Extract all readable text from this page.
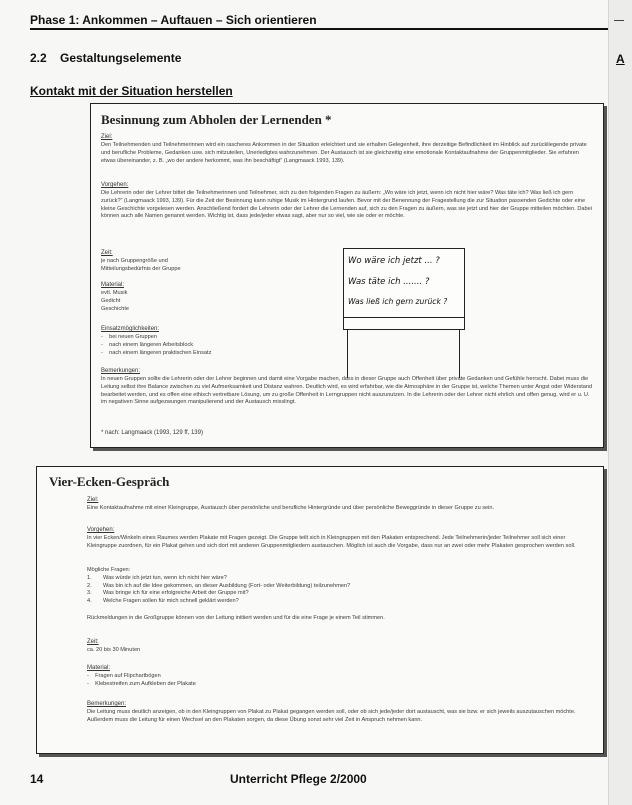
Phase 1: Ankommen – Auftauen – Sich orientieren
2.2 Gestaltungselemente
Kontakt mit der Situation herstellen
Besinnung zum Abholen der Lernenden *
Ziel:
Den Teilnehmenden und Teilnehmerinnen wird ein rascheres Ankommen in der Situation erleichtert und sie erhalten Gelegenheit, ihre derzeitige Befindlichkeit im Hinblick auf zurückliegende private und berufliche Probleme, Gedanken usw. sich mitzuteilen, Unerledigtes wahrzunehmen. Der Austausch ist sie gleichzeitig eine emotionale Kontaktaufnahme der Gruppenmitglieder. Sie erfahren etwas übereinander, z. B. „wo der andere herkommt, was ihn beschäftigt“ (Langmaack 1993, 139).
Vorgehen:
Die Lehrerin oder der Lehrer bittet die Teilnehmerinnen und Teilnehmer, sich zu den folgenden Fragen zu äußern: „Wo wäre ich jetzt, wenn ich nicht hier wäre? Was täte ich? Was ließ ich gern zurück?“ (Langmaack 1993, 139). Für die Zeit der Besinnung kann ruhige Musik im Hintergrund laufen. Bevor mit der Benennung der Fragestellung die zur Situation passenden Gedichte oder eine kleine Geschichte vorgelesen werden. Anschließend fordert die Lehrerin oder der Lehrer die Lernenden auf, sich zu den Fragen zu äußern, was sie jetzt und hier der Gruppe mitteilen möchten. Dabei können auch alle Namen genannt werden. Wichtig ist, dass jede/jeder etwas sagt, aber nur so viel, wie sie oder er möchte.
Zeit:
je nach Gruppengröße und Mitteilungsbedürfnis der Gruppe
Material:

evtl. Musik

Gedicht

Geschichte

Einsatzmöglichkeiten:

-    bei neuen Gruppen

-    nach einem längeren Arbeitsblock

-    nach einem längeren praktischen Einsatz

Bemerkungen:
In neuen Gruppen sollte die Lehrerin oder der Lehrer beginnen und damit eine Vorgabe machen, dass in dieser Gruppe auch Offenheit über private Gedanken und Gefühle herrscht. Dabei muss die Leitung selbst ihre Balance zwischen zu viel Aufmerksamkeit und Distanz wahren. Deutlich wird, es wird erfahrbar, wie die Atmosphäre in der Gruppe ist, welche Themen unter Angst oder Widerstand bearbeitet werden, und es offen eine ethisch vertretbare Lösung, um zu große Offenheit in Lerngruppen nicht auszunutzen. In die Lehrerin oder der Lehrer nicht ehrlich und offen genug, wird er u. U. im negativen Sinne aufgezwungen manipulierend und der Austausch misslingt.
* nach: Langmaack (1993, 129 ff, 139)
Wo wäre ich jetzt ... ?
Was täte ich ....... ?
Was ließ ich gern zurück ?
Vier-Ecken-Gespräch
Ziel:
Eine Kontaktaufnahme mit einer Kleingruppe, Austausch über persönliche und berufliche Hintergründe und über persönliche Beweggründe in dieser Gruppe zu sein.
Vorgehen:
In vier Ecken/Winkeln eines Raumes werden Plakate mit Fragen gezeigt. Die Gruppe teilt sich in Kleingruppen mit den Plakaten entsprechend. Jede Teilnehmerin/jeder Teilnehmer soll sich einer Kleingruppe zuordnen, für ein Plakat gehen und sich dort mit anderen Gruppenmitgliedern austauschen. Möglich ist auch die Vorgabe, dass nur an zwei oder mehr Plakaten gesprochen werden soll.

Mögliche Fragen:

1. Was würde ich jetzt tun, wenn ich nicht hier wäre?
2. Was bin ich auf die Idee gekommen, an dieser Ausbildung (Fort- oder Weiterbildung) teilzunehmen?
3. Was bringe ich für eine erfolgreiche Arbeit der Gruppe mit?
4. Welche Fragen sollen für mich schnell geklärt werden?
Rückmeldungen in die Großgruppe können von der Leitung initiiert werden und für die eine Frage je einem Teil stimmen.
Zeit:
ca. 20 bis 30 Minuten
Material:

-    Fragen auf Flipchartbögen

-    Klebestreifen zum Aufkleben der Plakate

Bemerkungen:
Die Leitung muss deutlich anzeigen, ob in den Kleingruppen von Plakat zu Plakat gegangen werden soll, oder ob sich jede/jeder dort austauscht, was sie bzw. er sich jeweils auszutauschen möchte. Außerdem muss die Leitung für einen Wechsel an den Plakaten sorgen, da diese Übung sonst sehr viel Zeit in Anspruch nehmen kann.
14	Unterricht Pflege 2/2000
A
